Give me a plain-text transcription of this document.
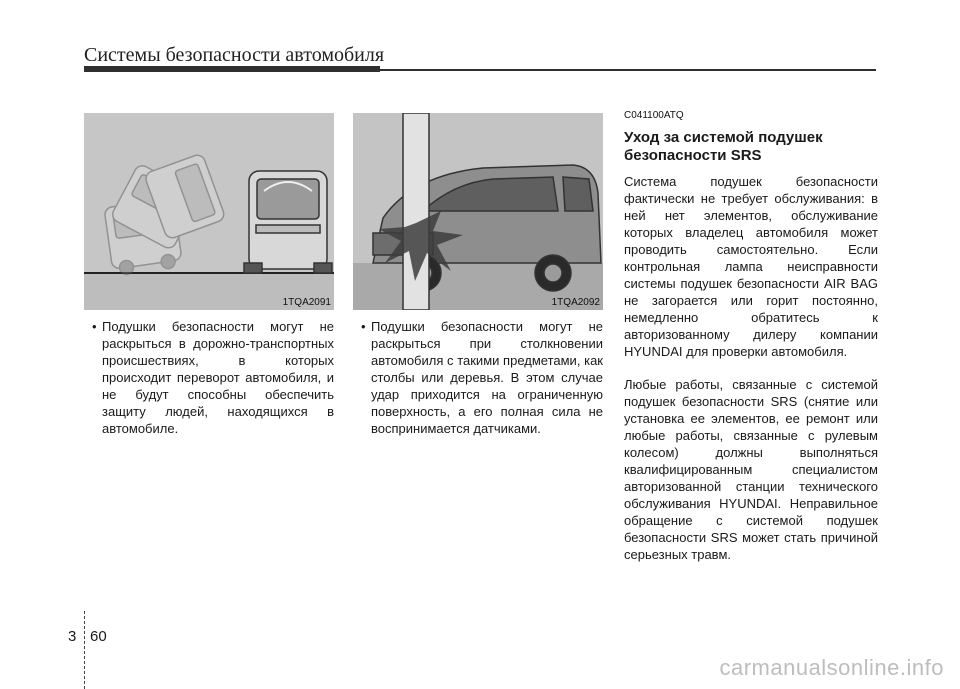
Системы безопасности автомобиля
1TQA2091	1TQA2092
• Подушки безопасности могут не раскрыться в дорожно-транспортных происшествиях, в которых происходит переворот автомобиля, и не будут способны обеспечить защиту людей, находящихся в автомобиле.
• Подушки безопасности могут не раскрыться при столкновении автомобиля с такими предметами, как столбы или деревья. В этом случае удар приходится на ограниченную поверхность, а его полная сила не воспринимается датчиками.
C041100ATQ
Уход за системой подушек безопасности SRS

Система подушек безопасности фактически не требует обслуживания: в ней нет элементов, обслуживание которых владелец автомобиля может проводить самостоятельно. Если контрольная лампа неисправности системы подушек безопасности AIR BAG не загорается или горит постоянно, немедленно обратитесь к авторизованному дилеру компании HYUNDAI для проверки автомобиля.

Любые работы, связанные с системой подушек безопасности SRS (снятие или установка ее элементов, ее ремонт или любые работы, связанные с рулевым колесом) должны выполняться квалифицированным специалистом авторизованной станции технического обслуживания HYUNDAI. Неправильное обращение с системой подушек безопасности SRS может стать причиной серьезных травм.

3 60
carmanualsonline.info
